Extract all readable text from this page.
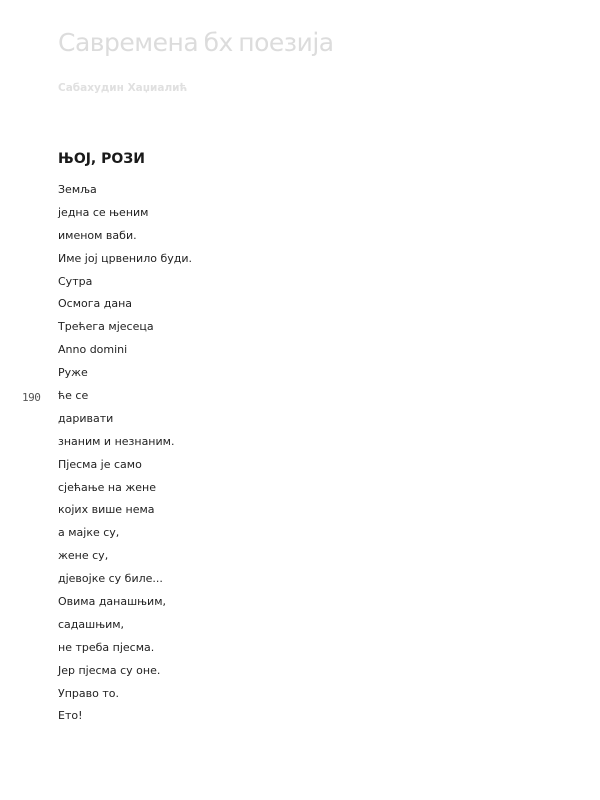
Савремена бх поезија
Сабахудин Хаџиалић
ЊОЈ, РОЗИ
Земља
једна се њеним
именом ваби.
Име јој црвенило буди.
Сутра
Осмога дана
Трећега мјесеца
Anno domini
Руже
ће се
даривати
знаним и незнаним.
Пјесма је само
сјећање на жене
којих више нема
а мајке су,
жене су,
дјевојке су биле...
Овима данашњим,
садашњим,
не треба пјесма.
Јер пјесма су оне.
Управо то.
Ето!
190
